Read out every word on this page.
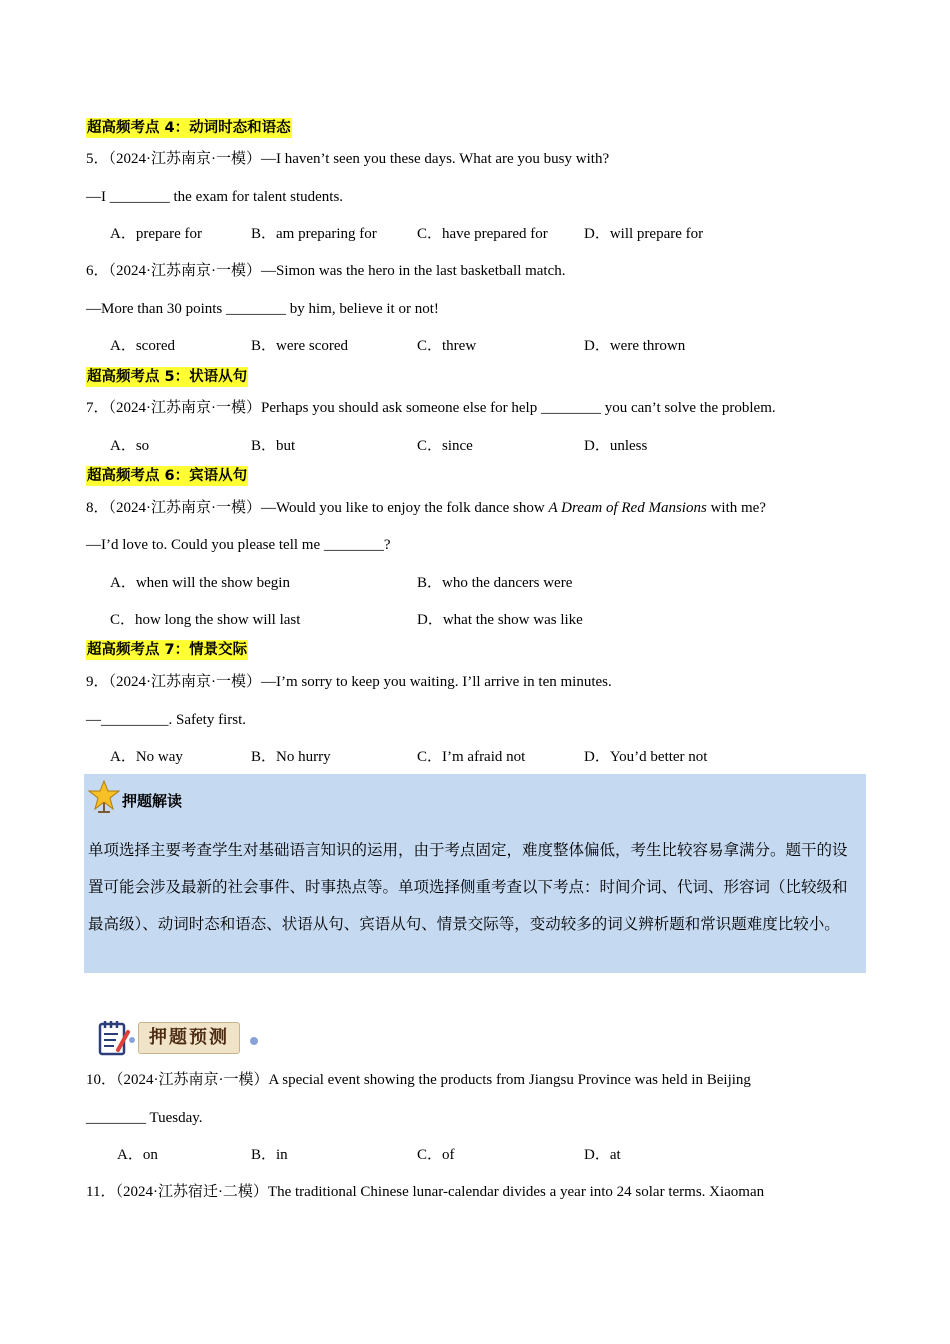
超高频考点 4：动词时态和语态
5．（2024·江苏南京·一模）—I haven’t seen you these days. What are you busy with?
—I ________ the exam for talent students.
A．prepare for	B．am preparing for	C．have prepared for D．will prepare for
6．（2024·江苏南京·一模）—Simon was the hero in the last basketball match.
—More than 30 points ________ by him, believe it or not!
A．scored	B．were scored	C．threw	D．were thrown
超高频考点 5：状语从句
7．（2024·江苏南京·一模）Perhaps you should ask someone else for help ________ you can’t solve the problem.
A．so	B．but	C．since	D．unless
超高频考点 6：宾语从句
8．（2024·江苏南京·一模）—Would you like to enjoy the folk dance show A Dream of Red Mansions with me?
—I’d love to. Could you please tell me ________?
A．when will the show begin	B．who the dancers were
C．how long the show will last	D．what the show was like
超高频考点 7：情景交际
9．（2024·江苏南京·一模）—I’m sorry to keep you waiting. I’ll arrive in ten minutes.
—_________. Safety first.
A．No way	B．No hurry	C．I’m afraid not	D．You’d better not
押题解读
单项选择主要考查学生对基础语言知识的运用，由于考点固定，难度整体偏低，考生比较容易拿满分。题干的设置可能会涉及最新的社会事件、时事热点等。单项选择侧重考查以下考点：时间介词、代词、形容词（比较级和最高级）、动词时态和语态、状语从句、宾语从句、情景交际等，变动较多的词义辨析题和常识题难度比较小。
押题预测
10．（2024·江苏南京·一模）A special event showing the products from Jiangsu Province was held in Beijing
________ Tuesday.
A．on	B．in	C．of	D．at
11．（2024·江苏宿迁·二模）The traditional Chinese lunar-calendar divides a year into 24 solar terms. Xiaoman
